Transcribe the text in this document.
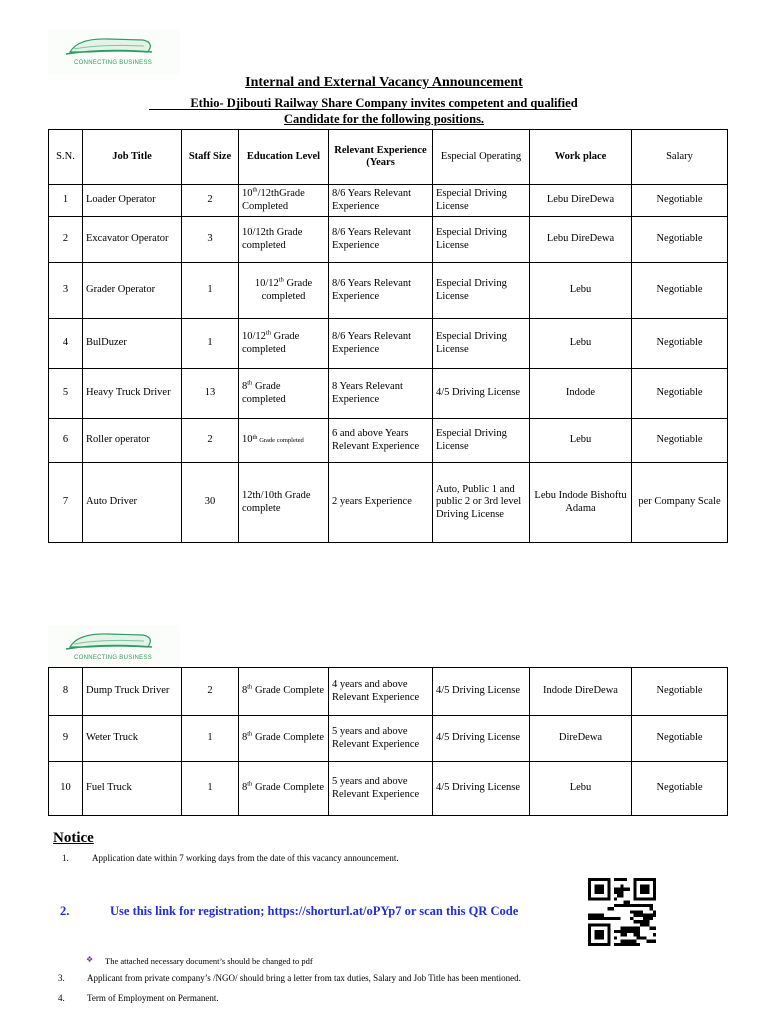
CONNECTING BUSINESS
Internal and External Vacancy Announcement
Ethio- Djibouti Railway Share Company invites competent and qualified
Candidate for the following positions.
S.N.	Job Title	Staff Size	Education Level	Relevant Experience (Years	Especial Operating	Work place	Salary
1	Loader Operator	2	10th/12thGrade Completed	8/6 Years Relevant Experience	Especial Driving License	Lebu DireDewa	Negotiable
2	Excavator Operator	3	10/12th Grade completed	8/6 Years Relevant Experience	Especial Driving License	Lebu DireDewa	Negotiable
3	Grader Operator	1	10/12th Grade completed	8/6 Years Relevant Experience	Especial Driving License	Lebu	Negotiable
4	BulDuzer	1	10/12th Grade completed	8/6 Years Relevant Experience	Especial Driving License	Lebu	Negotiable
5	Heavy Truck Driver	13	8th Grade completed	8 Years Relevant Experience	4/5 Driving License	Indode	Negotiable
6	Roller operator	2	10th Grade completed	6 and above Years Relevant Experience	Especial Driving License	Lebu	Negotiable
7	Auto Driver	30	12th/10th Grade complete	2 years Experience	Auto, Public 1 and public 2 or 3rd level Driving License	Lebu Indode Bishoftu Adama	per Company Scale
CONNECTING BUSINESS
8	Dump Truck Driver	2	8th Grade Complete	4 years and above Relevant Experience	4/5 Driving License	Indode DireDewa	Negotiable
9	Weter Truck	1	8th Grade Complete	5 years and above Relevant Experience	4/5 Driving License	DireDewa	Negotiable
10	Fuel Truck	1	8th Grade Complete	5 years and above Relevant Experience	4/5 Driving License	Lebu	Negotiable
Notice
1.	Application date within 7 working days from the date of this vacancy announcement.
2.	Use this link for registration; https://shorturl.at/oPYp7 or scan this QR Code
❖ The attached necessary document’s should be changed to pdf
3. Applicant from private company’s /NGO/ should bring a letter from tax duties, Salary and Job Title has been mentioned.
4. Term of Employment on Permanent.
